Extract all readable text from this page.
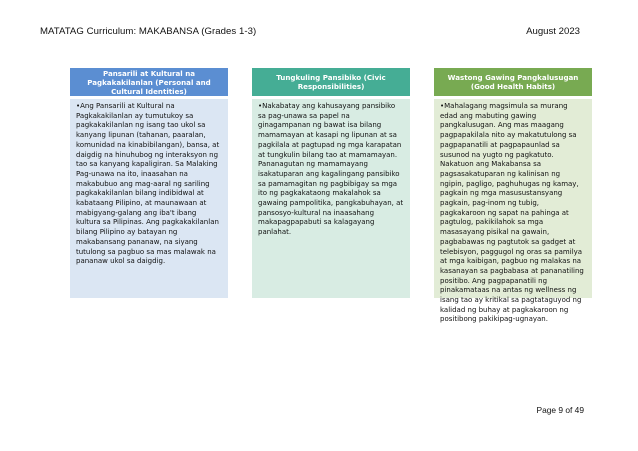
MATATAG Curriculum: MAKABANSA (Grades 1-3)	August 2023
Pansarili at Kultural na Pagkakakilanlan (Personal and Cultural Identities)

•Ang Pansarili at Kultural na Pagkakakilanlan ay tumutukoy sa pagkakakilanlan ng isang tao ukol sa kanyang lipunan (tahanan, paaralan, komunidad na kinabibilangan), bansa, at daigdig na hinuhubog ng interaksyon ng tao sa kanyang kapaligiran. Sa Malaking Pag-unawa na ito, inaasahan na makabubuo ang mag-aaral ng sariling pagkakakilanlan bilang indibidwal at kabataang Pilipino, at maunawaan at mabigyang-galang ang iba't ibang kultura sa Pilipinas. Ang pagkakakilanlan bilang Pilipino ay batayan ng makabansang pananaw, na siyang tutulong sa pagbuo sa mas malawak na pananaw ukol sa daigdig.

Tungkuling Pansibiko (Civic Responsibilities)

•Nakabatay ang kahusayang pansibiko sa pag-unawa sa papel na ginagampanan ng bawat isa bilang mamamayan at kasapi ng lipunan at sa pagkilala at pagtupad ng mga karapatan at tungkulin bilang tao at mamamayan. Pananagutan ng mamamayang isakatuparan ang kagalingang pansibiko sa pamamagitan ng pagbibigay sa mga ito ng pagkakataong makalahok sa gawaing pampolitika, pangkabuhayan, at pansosyo-kultural na inaasahang makapagpapabuti sa kalagayang panlahat.

Wastong Gawing Pangkalusugan (Good Health Habits)

•Mahalagang magsimula sa murang edad ang mabuting gawing pangkalusugan. Ang mas maagang pagpapakilala nito ay makatutulong sa pagpapanatili at pagpapaunlad sa susunod na yugto ng pagkatuto. Nakatuon ang Makabansa sa pagsasakatuparan ng kalinisan ng ngipin, pagligo, paghuhugas ng kamay, pagkain ng mga masusustansyang pagkain, pag-inom ng tubig, pagkakaroon ng sapat na pahinga at pagtulog, pakikilahok sa mga masasayang pisikal na gawain, pagbabawas ng pagtutok sa gadget at telebisyon, paggugol ng oras sa pamilya at mga kaibigan, pagbuo ng malakas na kasanayan sa pagbabasa at pananatiling positibo. Ang pagpapanatili ng pinakamataas na antas ng wellness ng isang tao ay kritikal sa pagtataguyod ng kalidad ng buhay at pagkakaroon ng positibong pakikipag-ugnayan.

Page 9 of 49
